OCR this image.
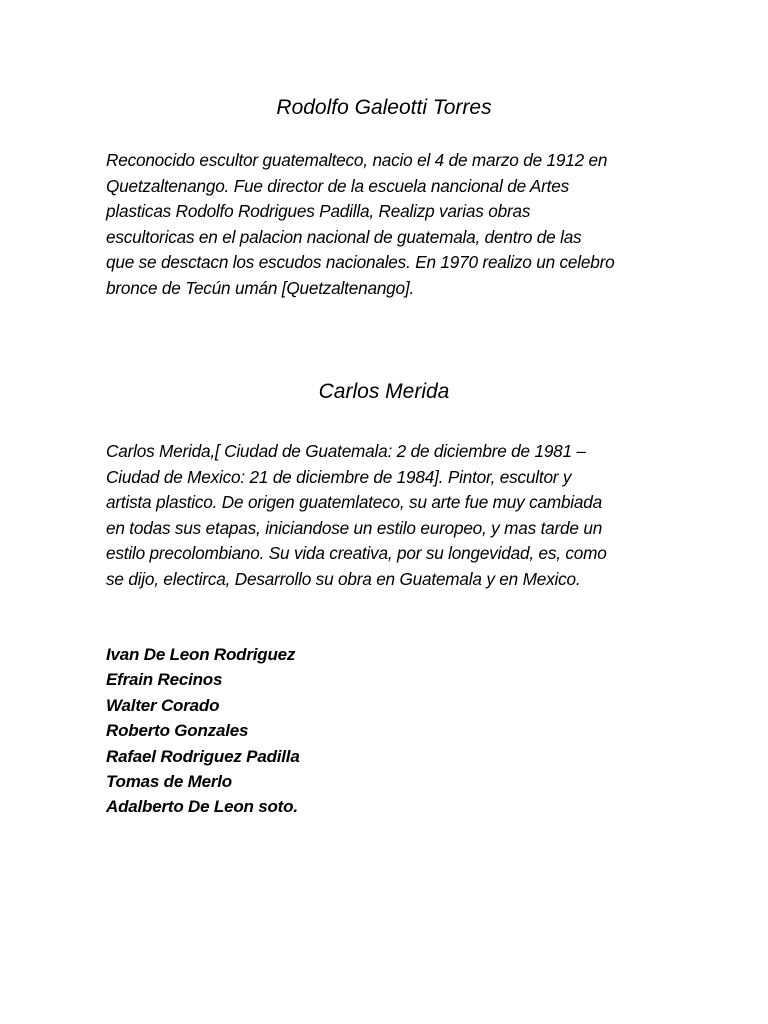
Rodolfo Galeotti Torres

Reconocido escultor guatemalteco, nacio el 4 de marzo de 1912 en
Quetzaltenango. Fue director de la escuela nancional de Artes
plasticas Rodolfo Rodrigues Padilla, Realizp varias obras
escultoricas en el palacion nacional de guatemala, dentro de las
que se desctacn los escudos nacionales. En 1970 realizo un celebro
bronce de Tecún umán [Quetzaltenango].

Carlos Merida

Carlos Merida,[ Ciudad de Guatemala: 2 de diciembre de 1981 –
Ciudad de Mexico: 21 de diciembre de 1984]. Pintor, escultor y
artista plastico. De origen guatemlateco, su arte fue muy cambiada
en todas sus etapas, iniciandose un estilo europeo, y mas tarde un
estilo precolombiano. Su vida creativa, por su longevidad, es, como
se dijo, electirca, Desarrollo su obra en Guatemala y en Mexico.

Ivan De Leon Rodriguez
Efrain Recinos
Walter Corado
Roberto Gonzales
Rafael Rodriguez Padilla
Tomas de Merlo
Adalberto De Leon soto.
